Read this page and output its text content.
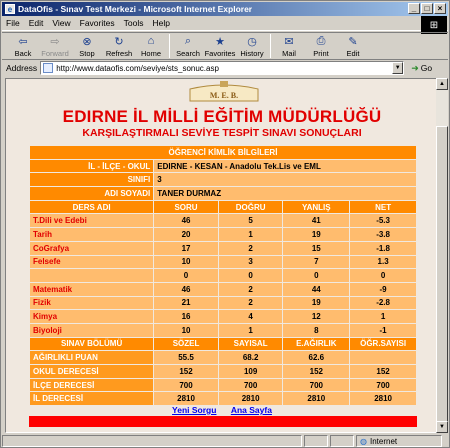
e DataOfis - Sınav Test Merkezi - Microsoft Internet Explorer	_	□	×
File Edit View Favorites Tools Help	⊞
⇦
Back
⇨
Forward
⊗
Stop
↻
Refresh
⌂
Home
⌕
Search
★
Favorites
◷
History
✉
Mail
⎙
Print
✎
Edit
Address http://www.dataofis.com/seviye/sts_sonuc.asp	▼ ➜ Go
M. E. B.
EDIRNE İL MİLLİ EĞİTİM MÜDÜRLÜĞÜ
KARŞILAŞTIRMALI SEVİYE TESPİT SINAVI SONUÇLARI
ÖĞRENCİ KİMLİK BİLGİLERİ				
İL - İLÇE - OKUL	EDIRNE - KESAN - Anadolu Tek.Lis ve EML			
SINIFI	3			
ADI SOYADI	TANER DURMAZ			
DERS ADI	SORU	DOĞRU	YANLIŞ	NET
T.Dili ve Edebi	46	5	41	-5.3
Tarih	20	1	19	-3.8
CoGrafya	17	2	15	-1.8
Felsefe	10	3	7	1.3
	0	0	0	0
Matematik	46	2	44	-9
Fizik	21	2	19	-2.8
Kimya	16	4	12	1
Biyoloji	10	1	8	-1
SINAV BÖLÜMÜ	SÖZEL	SAYISAL	E.AĞIRLIK	ÖĞR.SAYISI
AĞIRLIKLI PUAN	55.5	68.2	62.6	
OKUL DERECESİ	152	109	152	152
İLÇE DERECESİ	700	700	700	700
İL DERECESİ	2810	2810	2810	2810
Yeni Sorgu Ana Sayfa
▲
▼
◍ Internet
